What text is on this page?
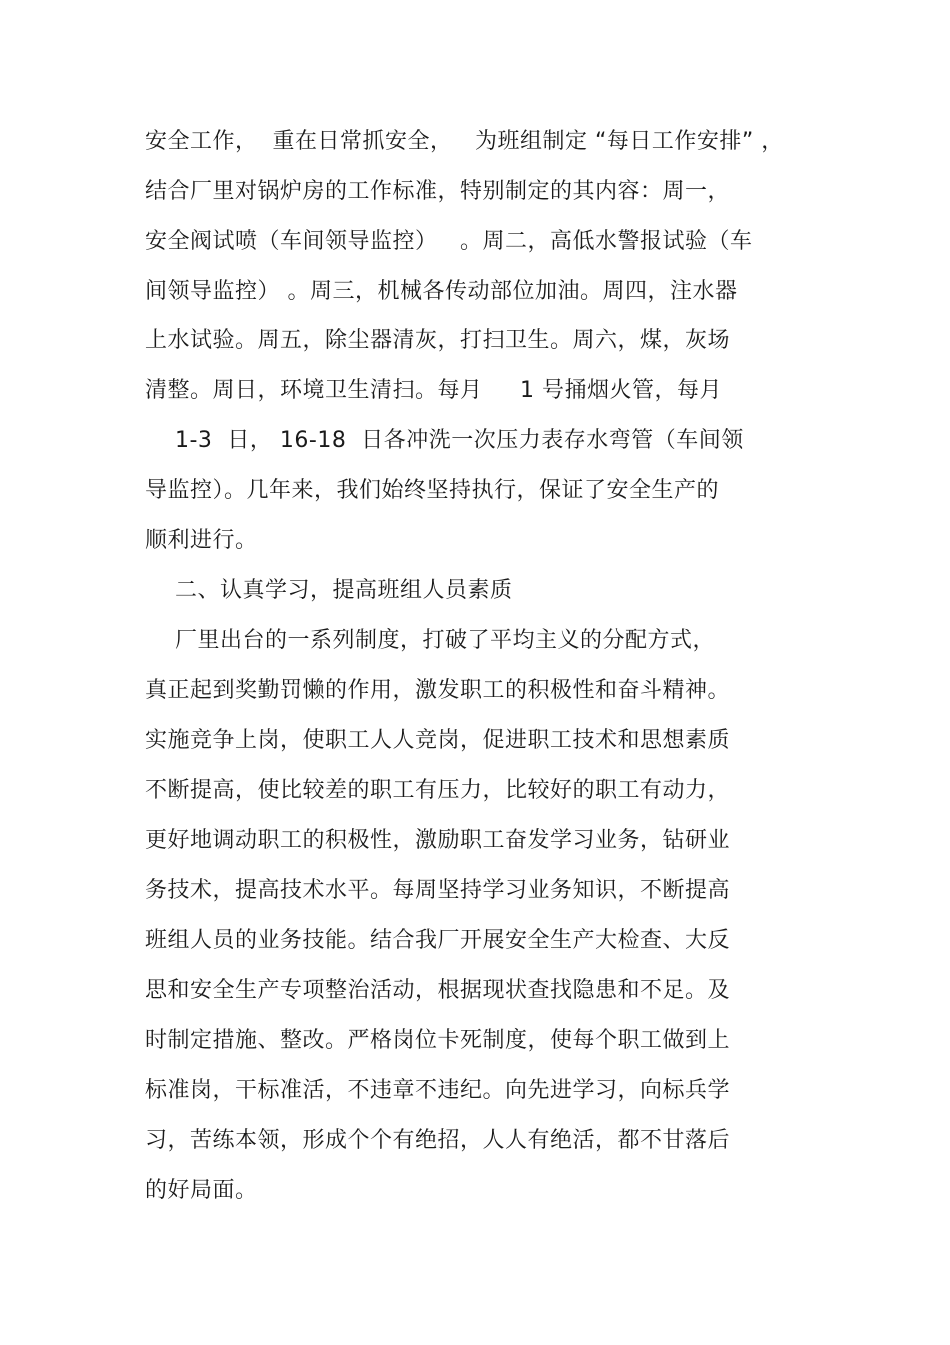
安全工作，  重在日常抓安全，   为班组制定 “每日工作安排” ，
结合厂里对锅炉房的工作标准，特别制定的其内容：周一，
安全阀试喷（车间领导监控）   。周二，高低水警报试验（车
间领导监控） 。周三，机械各传动部位加油。周四，注水器
上水试验。周五，除尘器清灰，打扫卫生。周六，煤，灰场
清整。周日，环境卫生清扫。每月     1 号捅烟火管，每月
1-3  日， 16-18  日各冲洗一次压力表存水弯管（车间领
导监控）。几年来，我们始终坚持执行，保证了安全生产的
顺利进行。
二、认真学习，提高班组人员素质
厂里出台的一系列制度，打破了平均主义的分配方式，
真正起到奖勤罚懒的作用，激发职工的积极性和奋斗精神。
实施竞争上岗，使职工人人竞岗，促进职工技术和思想素质
不断提高，使比较差的职工有压力，比较好的职工有动力，
更好地调动职工的积极性，激励职工奋发学习业务，钻研业
务技术，提高技术水平。每周坚持学习业务知识，不断提高
班组人员的业务技能。结合我厂开展安全生产大检查、大反
思和安全生产专项整治活动，根据现状查找隐患和不足。及
时制定措施、整改。严格岗位卡死制度，使每个职工做到上
标准岗，干标准活，不违章不违纪。向先进学习，向标兵学
习，苦练本领，形成个个有绝招，人人有绝活，都不甘落后
的好局面。
